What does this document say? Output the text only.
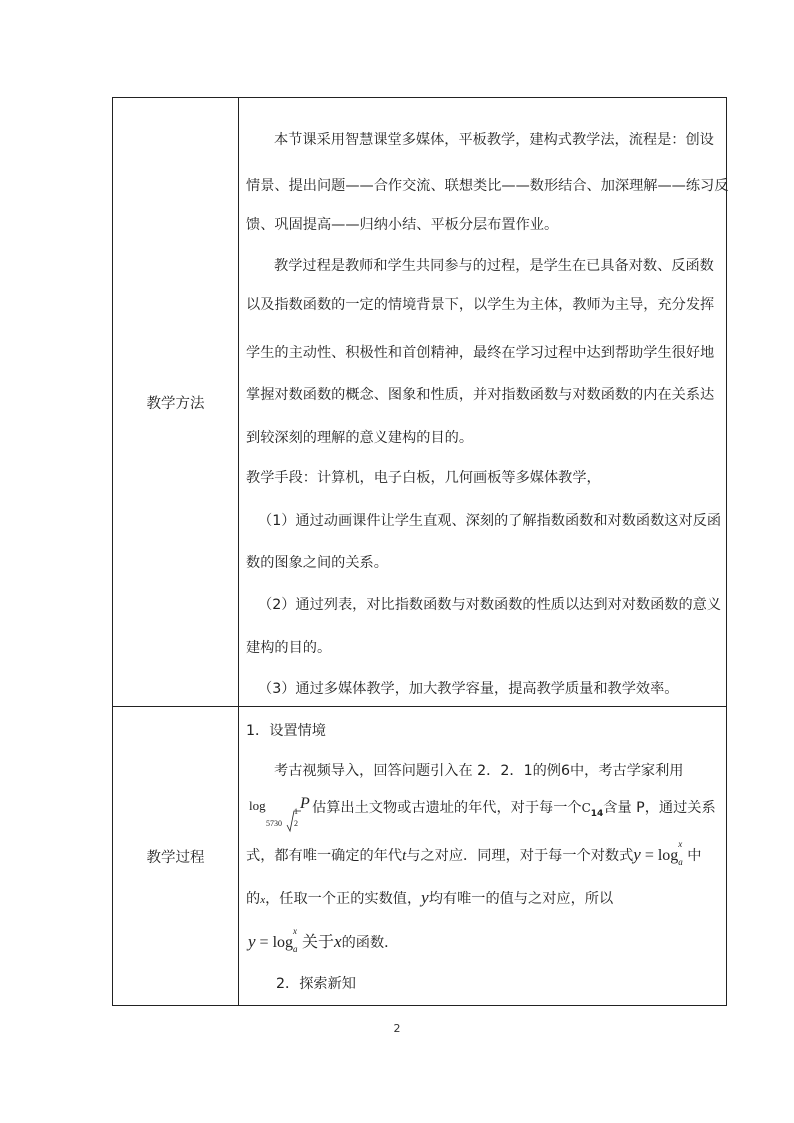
教学方法
本节课采用智慧课堂多媒体，平板教学，建构式教学法，流程是：创设
情景、提出问题——合作交流、联想类比——数形结合、加深理解——练习反
馈、巩固提高——归纳小结、平板分层布置作业。
教学过程是教师和学生共同参与的过程，是学生在已具备对数、反函数
以及指数函数的一定的情境背景下，以学生为主体，教师为主导，充分发挥
学生的主动性、积极性和首创精神，最终在学习过程中达到帮助学生很好地
掌握对数函数的概念、图象和性质，并对指数函数与对数函数的内在关系达
到较深刻的理解的意义建构的目的。
教学手段：计算机，电子白板，几何画板等多媒体教学，
（1）通过动画课件让学生直观、深刻的了解指数函数和对数函数这对反函
数的图象之间的关系。
（2）通过列表，对比指数函数与对数函数的性质以达到对对数函数的意义
建构的目的。
（3）通过多媒体教学，加大教学容量，提高教学质量和教学效率。
教学过程
1．设置情境
考古视频导入，回答问题引入在 2．2．1的例6中，考古学家利用
log
5730
1
2
P 估算出土文物或古遗址的年代，对于每一个$C_{14}$含量 P，通过关系
式，都有唯一确定的年代t与之对应．同理，对于每一个对数式y = log
x
a 中
的x，任取一个正的实数值，y均有唯一的值与之对应，所以
y = log
x
a 关于x的函数．
2．探索新知
2
